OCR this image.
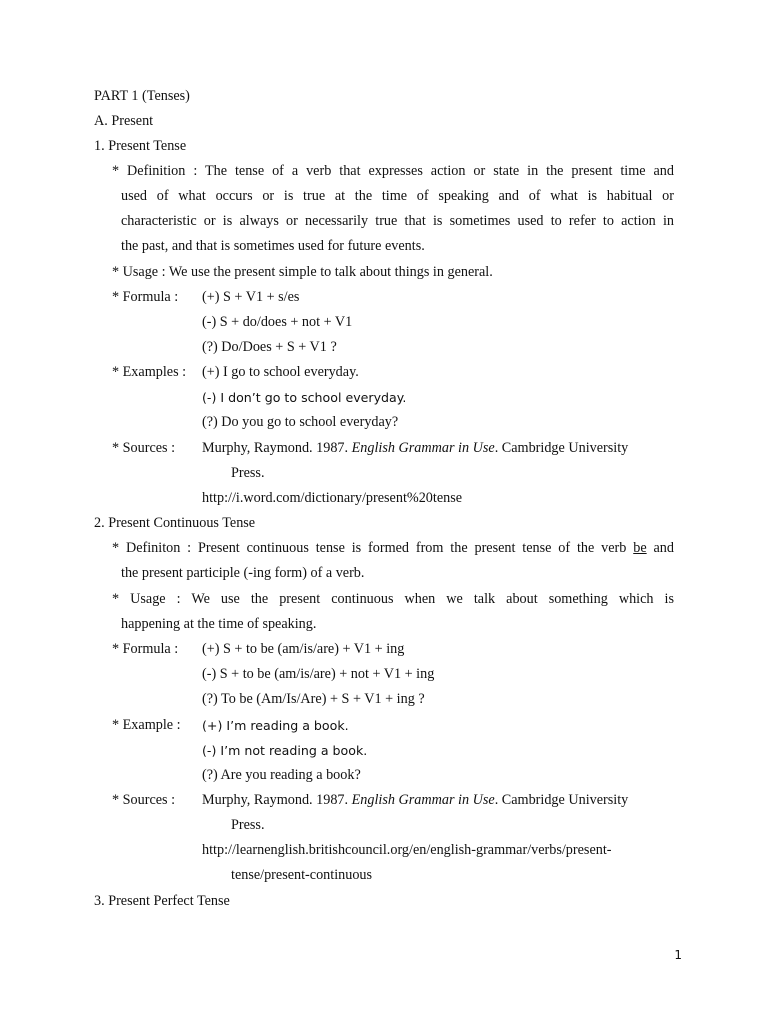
PART 1 (Tenses)
A. Present
1. Present Tense
* Definition : The tense of a verb that expresses action or state in the present time and
used of what occurs or is true at the time of speaking and of what is habitual or
characteristic or is always or necessarily true that is sometimes used to refer to action in
the past, and that is sometimes used for future events.
* Usage : We use the present simple to talk about things in general.
* Formula : (+) S + V1 + s/es
(-) S + do/does + not + V1
(?) Do/Does + S + V1 ?
* Examples : (+) I go to school everyday.
(-) I don’t go to school everyday.
(?) Do you go to school everyday?
* Sources : Murphy, Raymond. 1987. English Grammar in Use. Cambridge University
Press.
http://i.word.com/dictionary/present%20tense
2. Present Continuous Tense
* Definiton : Present continuous tense is formed from the present tense of the verb be and
the present participle (-ing form) of a verb.
* Usage : We use the present continuous when we talk about something which is
happening at the time of speaking.
* Formula : (+) S + to be (am/is/are) + V1 + ing
(-) S + to be (am/is/are) + not + V1 + ing
(?) To be (Am/Is/Are) + S + V1 + ing ?
* Example : (+) I’m reading a book.
(-) I’m not reading a book.
(?) Are you reading a book?
* Sources : Murphy, Raymond. 1987. English Grammar in Use. Cambridge University
Press.
http://learnenglish.britishcouncil.org/en/english-grammar/verbs/present-
tense/present-continuous
3. Present Perfect Tense
1
